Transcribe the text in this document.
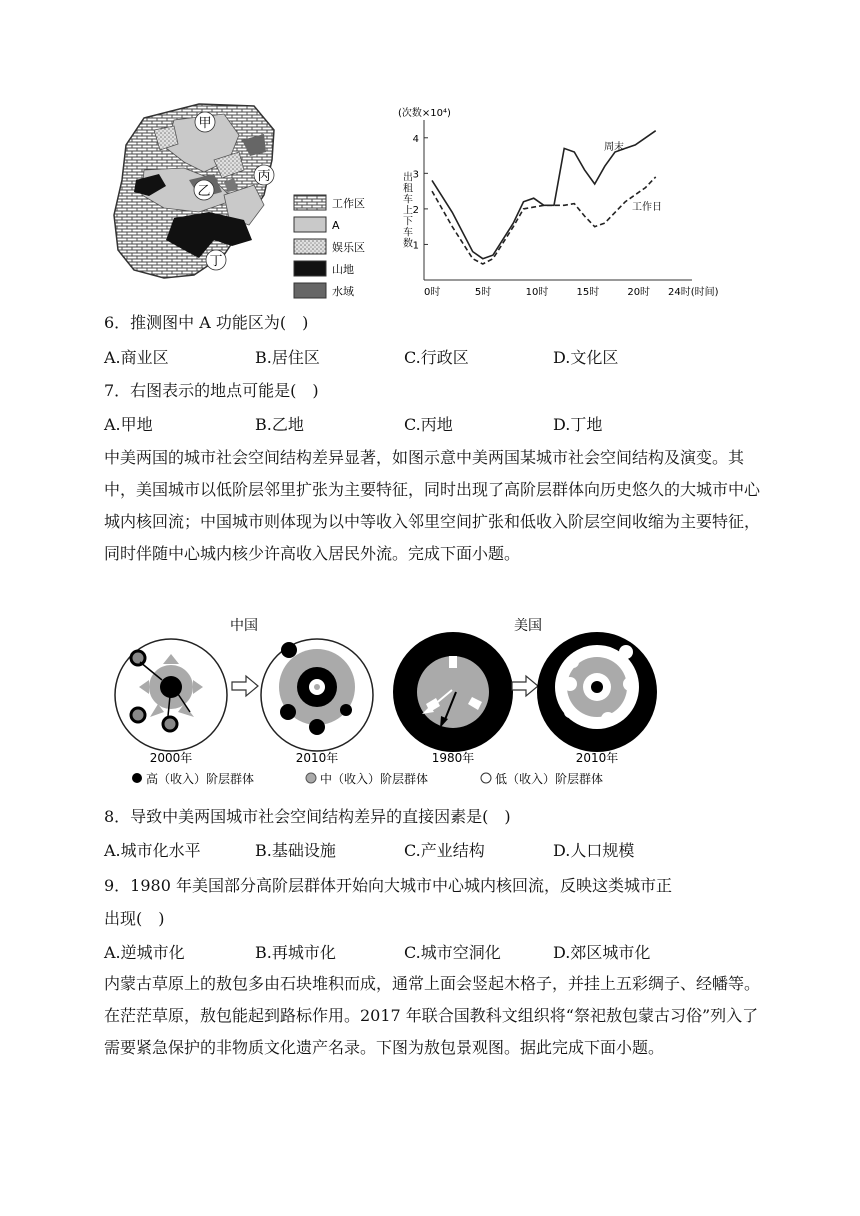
甲
乙
丙
丁
工作区
A
娱乐区
山地
水域
(次数×10⁴)
出租车上下车数 1
2
3
4
0时	5时	10时	15时	20时 24时(时间)
周末
工作日
6．推测图中 A 功能区为(　)
A.商业区	B.居住区	C.行政区	D.文化区
7．右图表示的地点可能是(　)
A.甲地	B.乙地	C.丙地	D.丁地
中美两国的城市社会空间结构差异显著，如图示意中美两国某城市社会空间结构及演变。其中，美国城市以低阶层邻里扩张为主要特征，同时出现了高阶层群体向历史悠久的大城市中心城内核回流；中国城市则体现为以中等收入邻里空间扩张和低收入阶层空间收缩为主要特征，同时伴随中心城内核少许高收入居民外流。完成下面小题。
中国	美国
2000年	2010年	1980年	2010年
高（收入）阶层群体	中（收入）阶层群体	低（收入）阶层群体
8．导致中美两国城市社会空间结构差异的直接因素是(　)
A.城市化水平	B.基础设施	C.产业结构	D.人口规模
9．1980 年美国部分高阶层群体开始向大城市中心城内核回流，反映这类城市正
出现(　)
A.逆城市化	B.再城市化	C.城市空洞化	D.郊区城市化
内蒙古草原上的敖包多由石块堆积而成，通常上面会竖起木格子，并挂上五彩绸子、经幡等。在茫茫草原，敖包能起到路标作用。2017 年联合国教科文组织将“祭祀敖包蒙古习俗”列入了需要紧急保护的非物质文化遗产名录。下图为敖包景观图。据此完成下面小题。
